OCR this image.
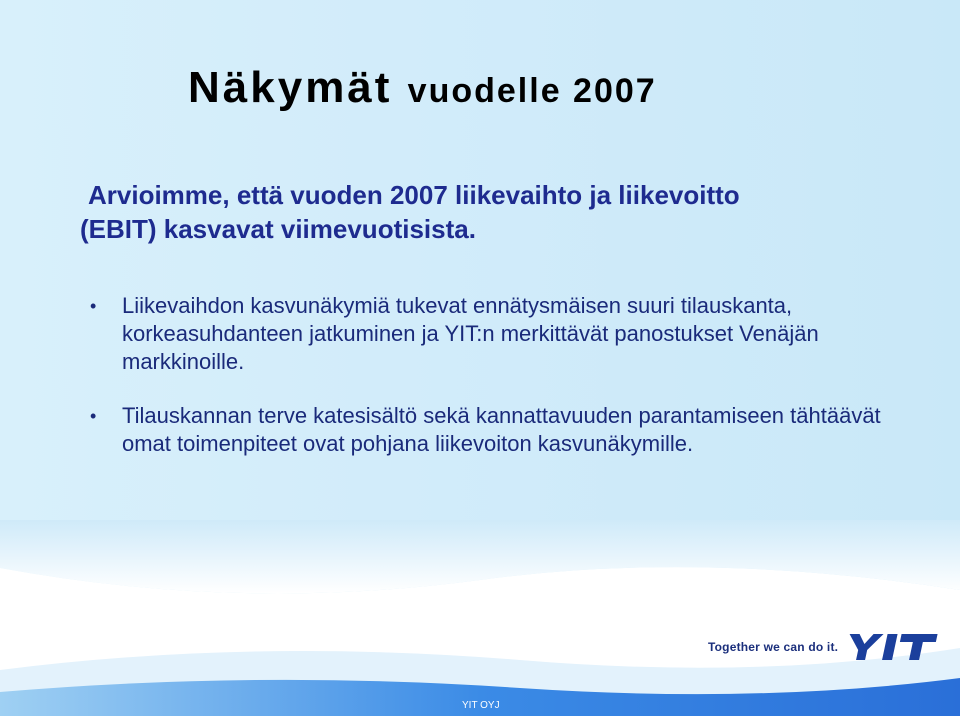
Näkymät vuodelle 2007

Arvioimme, että vuoden 2007 liikevaihto ja liikevoitto
(EBIT) kasvavat viimevuotisista.

• Liikevaihdon kasvunäkymiä tukevat ennätysmäisen suuri tilauskanta, korkeasuhdanteen jatkuminen ja YIT:n merkittävät panostukset Venäjän markkinoille.
• Tilauskannan terve katesisältö sekä kannattavuuden parantamiseen tähtäävät omat toimenpiteet ovat pohjana liikevoiton kasvunäkymille.
Together we can do it.
YIT OYJ
